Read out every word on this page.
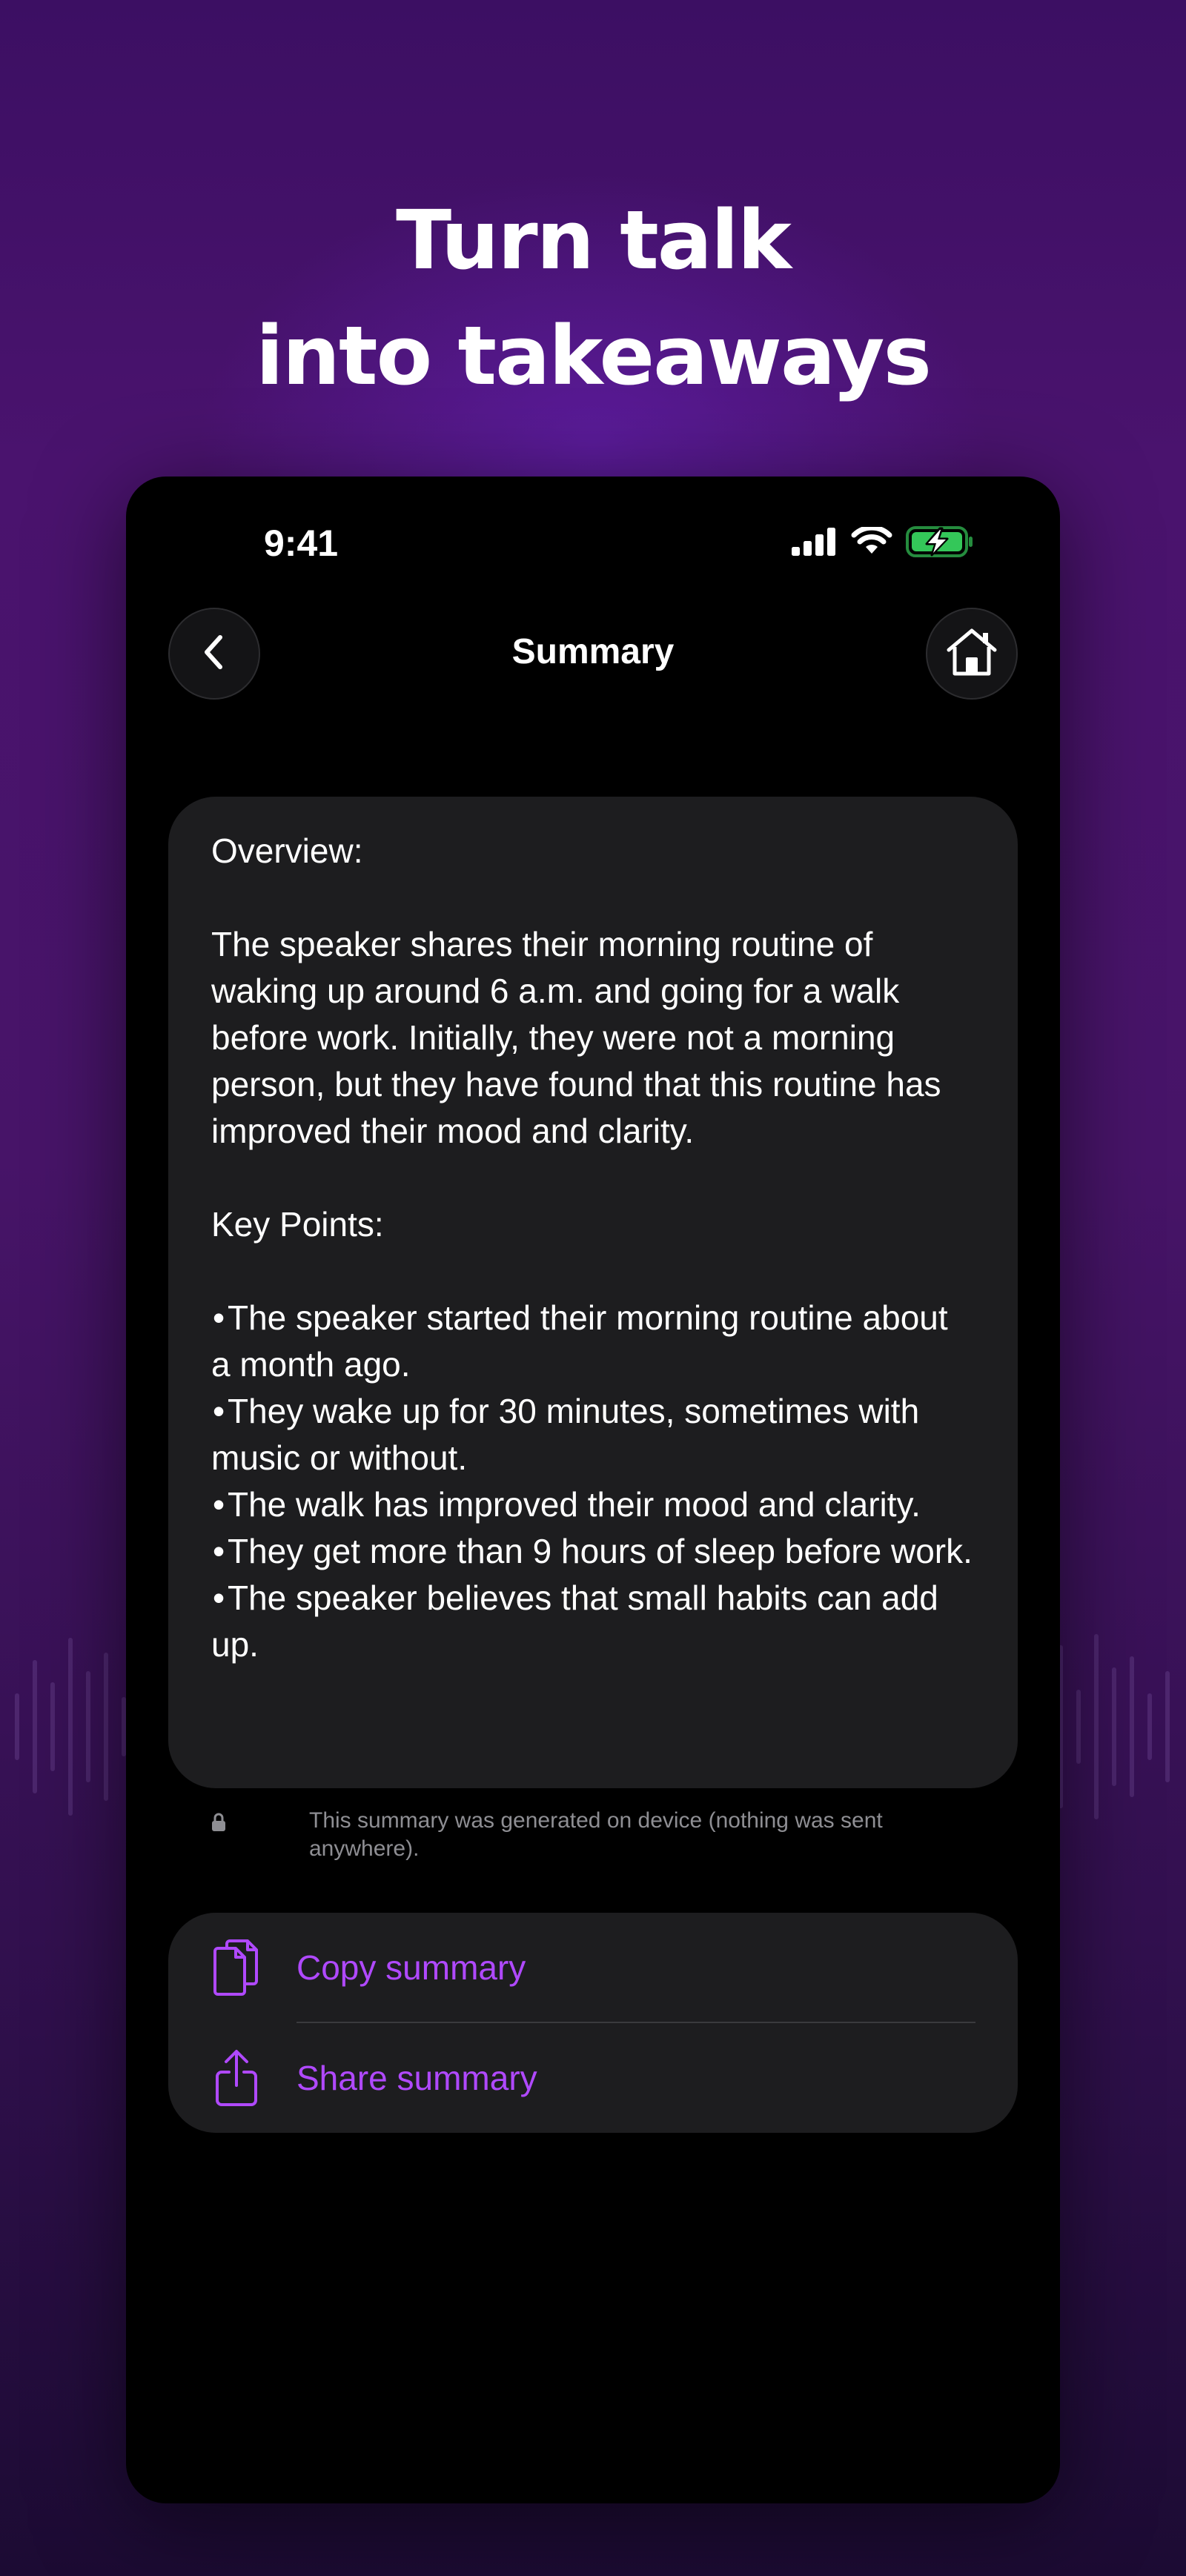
Turn talk
into takeaways
9:41
Summary

Overview:

The speaker shares their morning routine of waking up around 6 a.m. and going for a walk before work. Initially, they were not a morning person, but they have found that this routine has improved their mood and clarity.

Key Points:

•The speaker started their morning routine about a month ago.
•They wake up for 30 minutes, sometimes with music or without.
•The walk has improved their mood and clarity.
•They get more than 9 hours of sleep before work.
•The speaker believes that small habits can add up.
This summary was generated on device (nothing was sent anywhere).
Copy summary
Share summary
